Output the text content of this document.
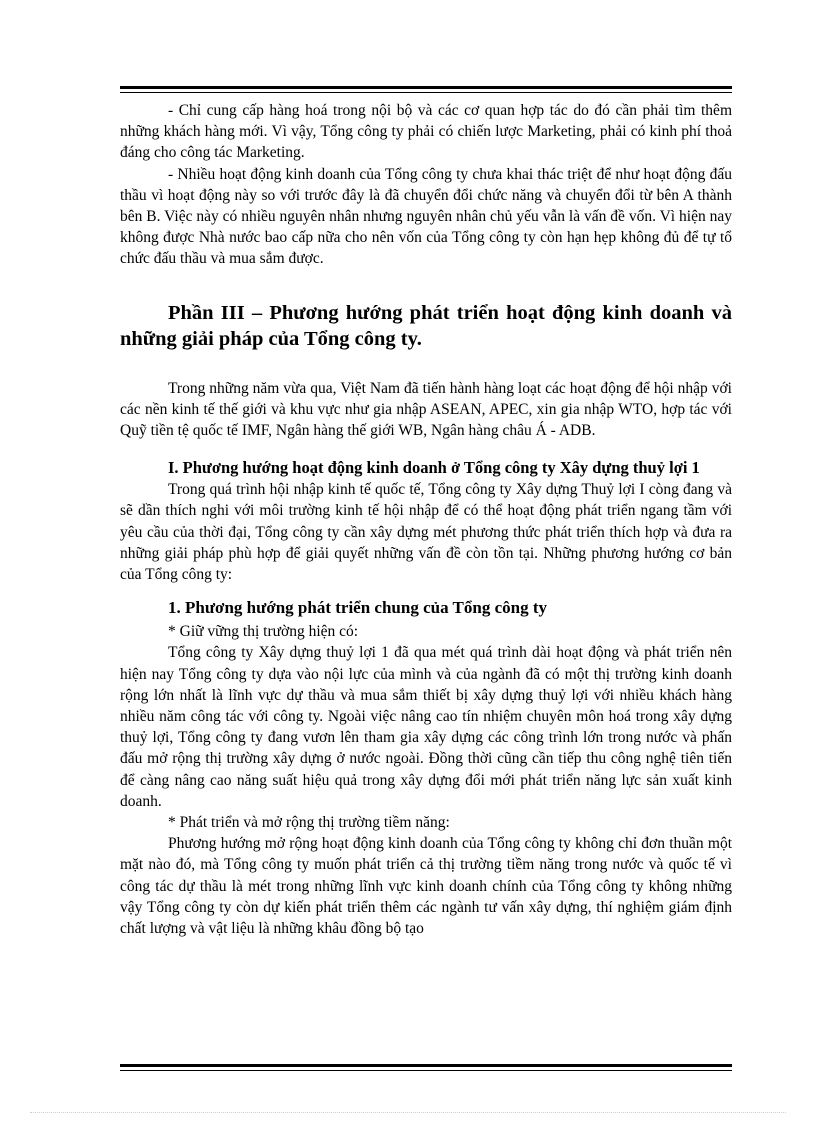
- Chỉ cung cấp hàng hoá trong nội bộ và các cơ quan hợp tác do đó cần phải tìm thêm những khách hàng mới. Vì vậy, Tổng công ty phải có chiến lược Marketing, phải có kinh phí thoả đáng cho công tác Marketing.

- Nhiều hoạt động kinh doanh của Tổng công ty chưa khai thác triệt để như hoạt động đấu thầu vì hoạt động này so với trước đây là đã chuyển đổi chức năng và chuyển đổi từ bên A thành bên B. Việc này có nhiều nguyên nhân nhưng nguyên nhân chủ yếu vẫn là vấn đề vốn. Vì hiện nay không được Nhà nước bao cấp nữa cho nên vốn của Tổng công ty còn hạn hẹp không đủ để tự tổ chức đấu thầu và mua sắm được.

Phần III – Phương hướng phát triển hoạt động kinh doanh và những giải pháp của Tổng công ty.

Trong những năm vừa qua, Việt Nam đã tiến hành hàng loạt các hoạt động để hội nhập với các nền kinh tế thế giới và khu vực như gia nhập ASEAN, APEC, xin gia nhập WTO, hợp tác với Quỹ tiền tệ quốc tế IMF, Ngân hàng thế giới WB, Ngân hàng châu Á - ADB.

I. Phương hướng hoạt động kinh doanh ở Tổng công ty Xây dựng thuỷ lợi 1

Trong quá trình hội nhập kinh tế quốc tế, Tổng công ty Xây dựng Thuỷ lợi I còng đang và sẽ dần thích nghi với môi trường kinh tế hội nhập để có thể hoạt động phát triển ngang tầm với yêu cầu của thời đại, Tổng công ty cần xây dựng mét phương thức phát triển thích hợp và đưa ra những giải pháp phù hợp để giải quyết những vấn đề còn tồn tại. Những phương hướng cơ bản của Tổng công ty:

1. Phương hướng phát triển chung của Tổng công ty

* Giữ vững thị trường hiện có:

Tổng công ty Xây dựng thuỷ lợi 1 đã qua mét quá trình dài hoạt động và phát triển nên hiện nay Tổng công ty dựa vào nội lực của mình và của ngành đã có một thị trường kinh doanh rộng lớn nhất là lĩnh vực dự thầu và mua sắm thiết bị xây dựng thuỷ lợi với nhiều khách hàng nhiều năm công tác với công ty. Ngoài việc nâng cao tín nhiệm chuyên môn hoá trong xây dựng thuỷ lợi, Tổng công ty đang vươn lên tham gia xây dựng các công trình lớn trong nước và phấn đấu mở rộng thị trường xây dựng ở nước ngoài. Đồng thời cũng cần tiếp thu công nghệ tiên tiến để càng nâng cao năng suất hiệu quả trong xây dựng đổi mới phát triển năng lực sản xuất kinh doanh.

* Phát triển và mở rộng thị trường tiềm năng:

Phương hướng mở rộng hoạt động kinh doanh của Tổng công ty không chỉ đơn thuần một mặt nào đó, mà Tổng công ty muốn phát triển cả thị trường tiềm năng trong nước và quốc tế vì công tác dự thầu là mét trong những lĩnh vực kinh doanh chính của Tổng công ty không những vậy Tổng công ty còn dự kiến phát triển thêm các ngành tư vấn xây dựng, thí nghiệm giám định chất lượng và vật liệu là những khâu đồng bộ tạo
